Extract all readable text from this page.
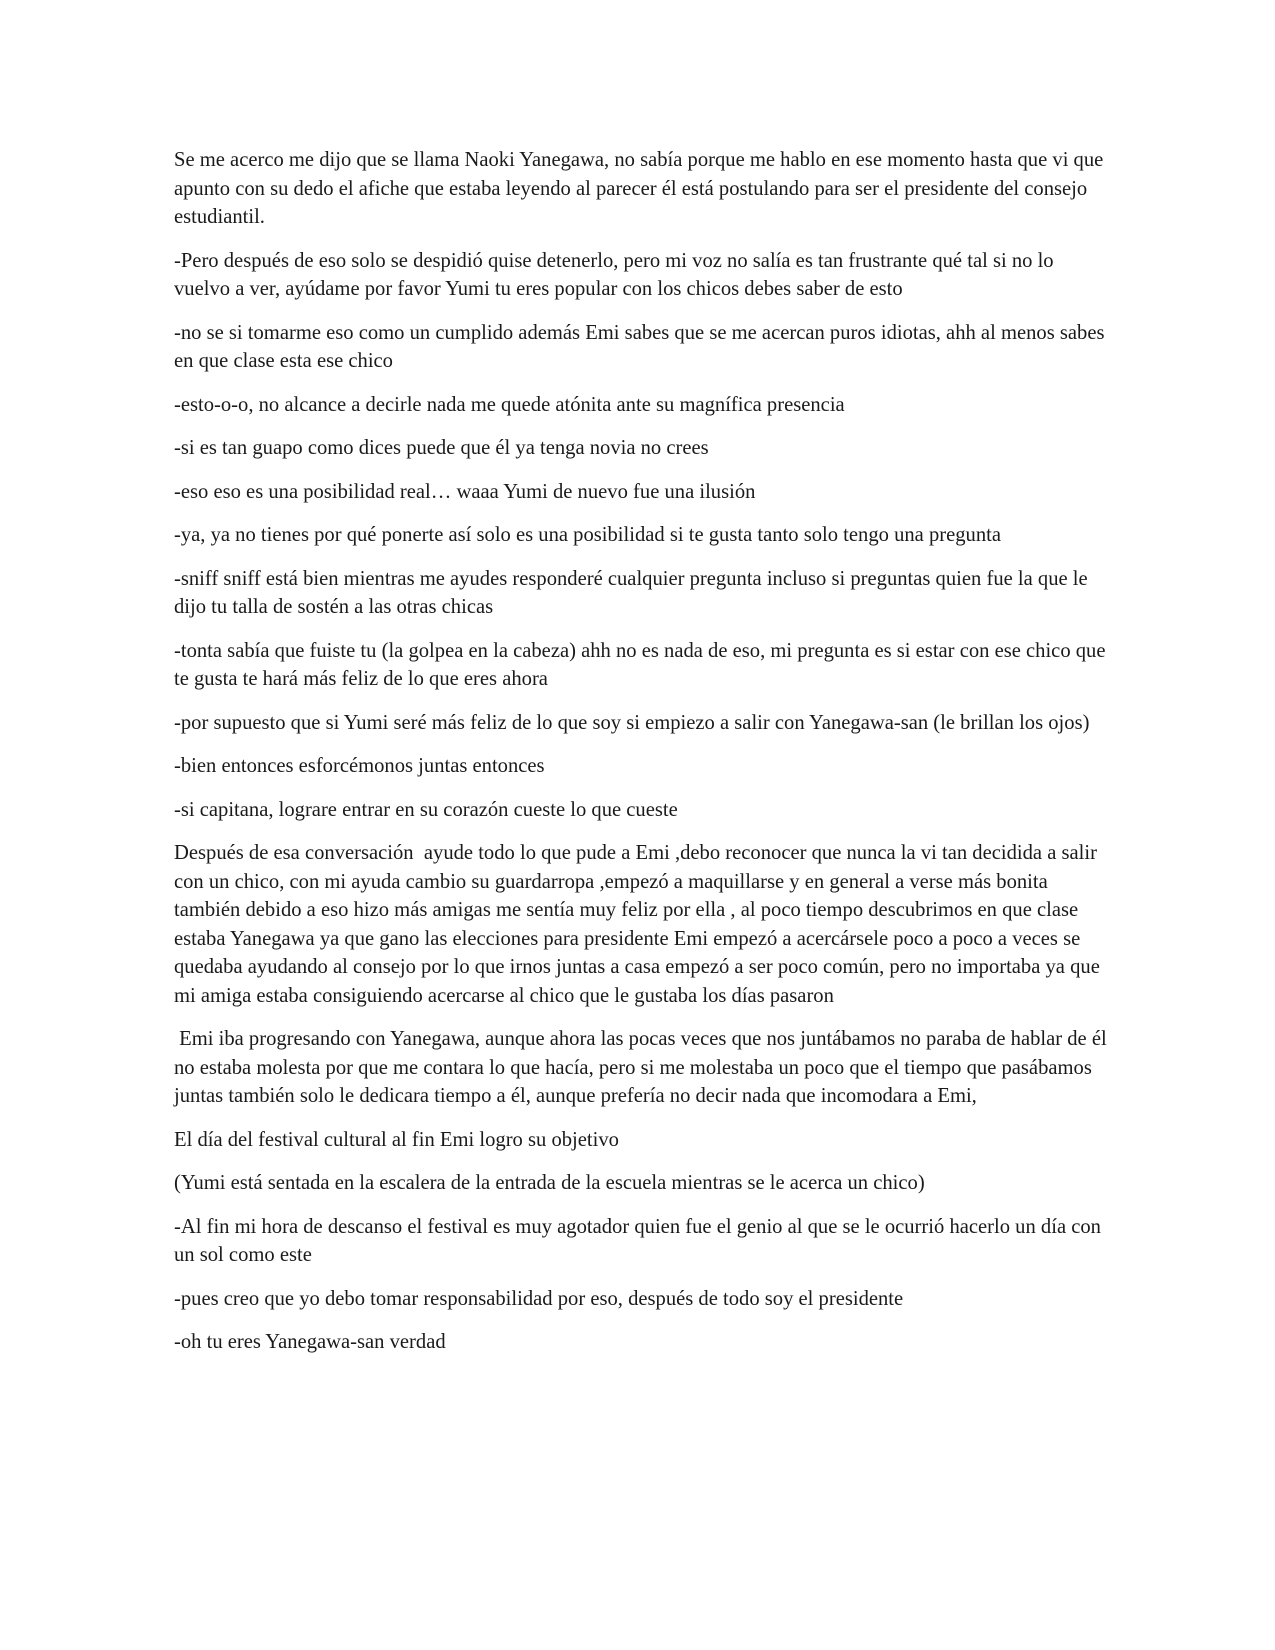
Se me acerco me dijo que se llama Naoki Yanegawa, no sabía porque me hablo en ese momento hasta que vi que apunto con su dedo el afiche que estaba leyendo al parecer él está postulando para ser el presidente del consejo estudiantil.

-Pero después de eso solo se despidió quise detenerlo, pero mi voz no salía es tan frustrante qué tal si no lo vuelvo a ver, ayúdame por favor Yumi tu eres popular con los chicos debes saber de esto

-no se si tomarme eso como un cumplido además Emi sabes que se me acercan puros idiotas, ahh al menos sabes en que clase esta ese chico

-esto-o-o, no alcance a decirle nada me quede atónita ante su magnífica presencia

-si es tan guapo como dices puede que él ya tenga novia no crees

-eso eso es una posibilidad real… waaa Yumi de nuevo fue una ilusión

-ya, ya no tienes por qué ponerte así solo es una posibilidad si te gusta tanto solo tengo una pregunta

-sniff sniff está bien mientras me ayudes responderé cualquier pregunta incluso si preguntas quien fue la que le dijo tu talla de sostén a las otras chicas

-tonta sabía que fuiste tu (la golpea en la cabeza) ahh no es nada de eso, mi pregunta es si estar con ese chico que te gusta te hará más feliz de lo que eres ahora

-por supuesto que si Yumi seré más feliz de lo que soy si empiezo a salir con Yanegawa-san (le brillan los ojos)

-bien entonces esforcémonos juntas entonces

-si capitana, lograre entrar en su corazón cueste lo que cueste

Después de esa conversación  ayude todo lo que pude a Emi ,debo reconocer que nunca la vi tan decidida a salir con un chico, con mi ayuda cambio su guardarropa ,empezó a maquillarse y en general a verse más bonita también debido a eso hizo más amigas me sentía muy feliz por ella , al poco tiempo descubrimos en que clase estaba Yanegawa ya que gano las elecciones para presidente Emi empezó a acercársele poco a poco a veces se quedaba ayudando al consejo por lo que irnos juntas a casa empezó a ser poco común, pero no importaba ya que mi amiga estaba consiguiendo acercarse al chico que le gustaba los días pasaron

Emi iba progresando con Yanegawa, aunque ahora las pocas veces que nos juntábamos no paraba de hablar de él no estaba molesta por que me contara lo que hacía, pero si me molestaba un poco que el tiempo que pasábamos juntas también solo le dedicara tiempo a él, aunque prefería no decir nada que incomodara a Emi,

El día del festival cultural al fin Emi logro su objetivo

(Yumi está sentada en la escalera de la entrada de la escuela mientras se le acerca un chico)

-Al fin mi hora de descanso el festival es muy agotador quien fue el genio al que se le ocurrió hacerlo un día con un sol como este

-pues creo que yo debo tomar responsabilidad por eso, después de todo soy el presidente

-oh tu eres Yanegawa-san verdad
